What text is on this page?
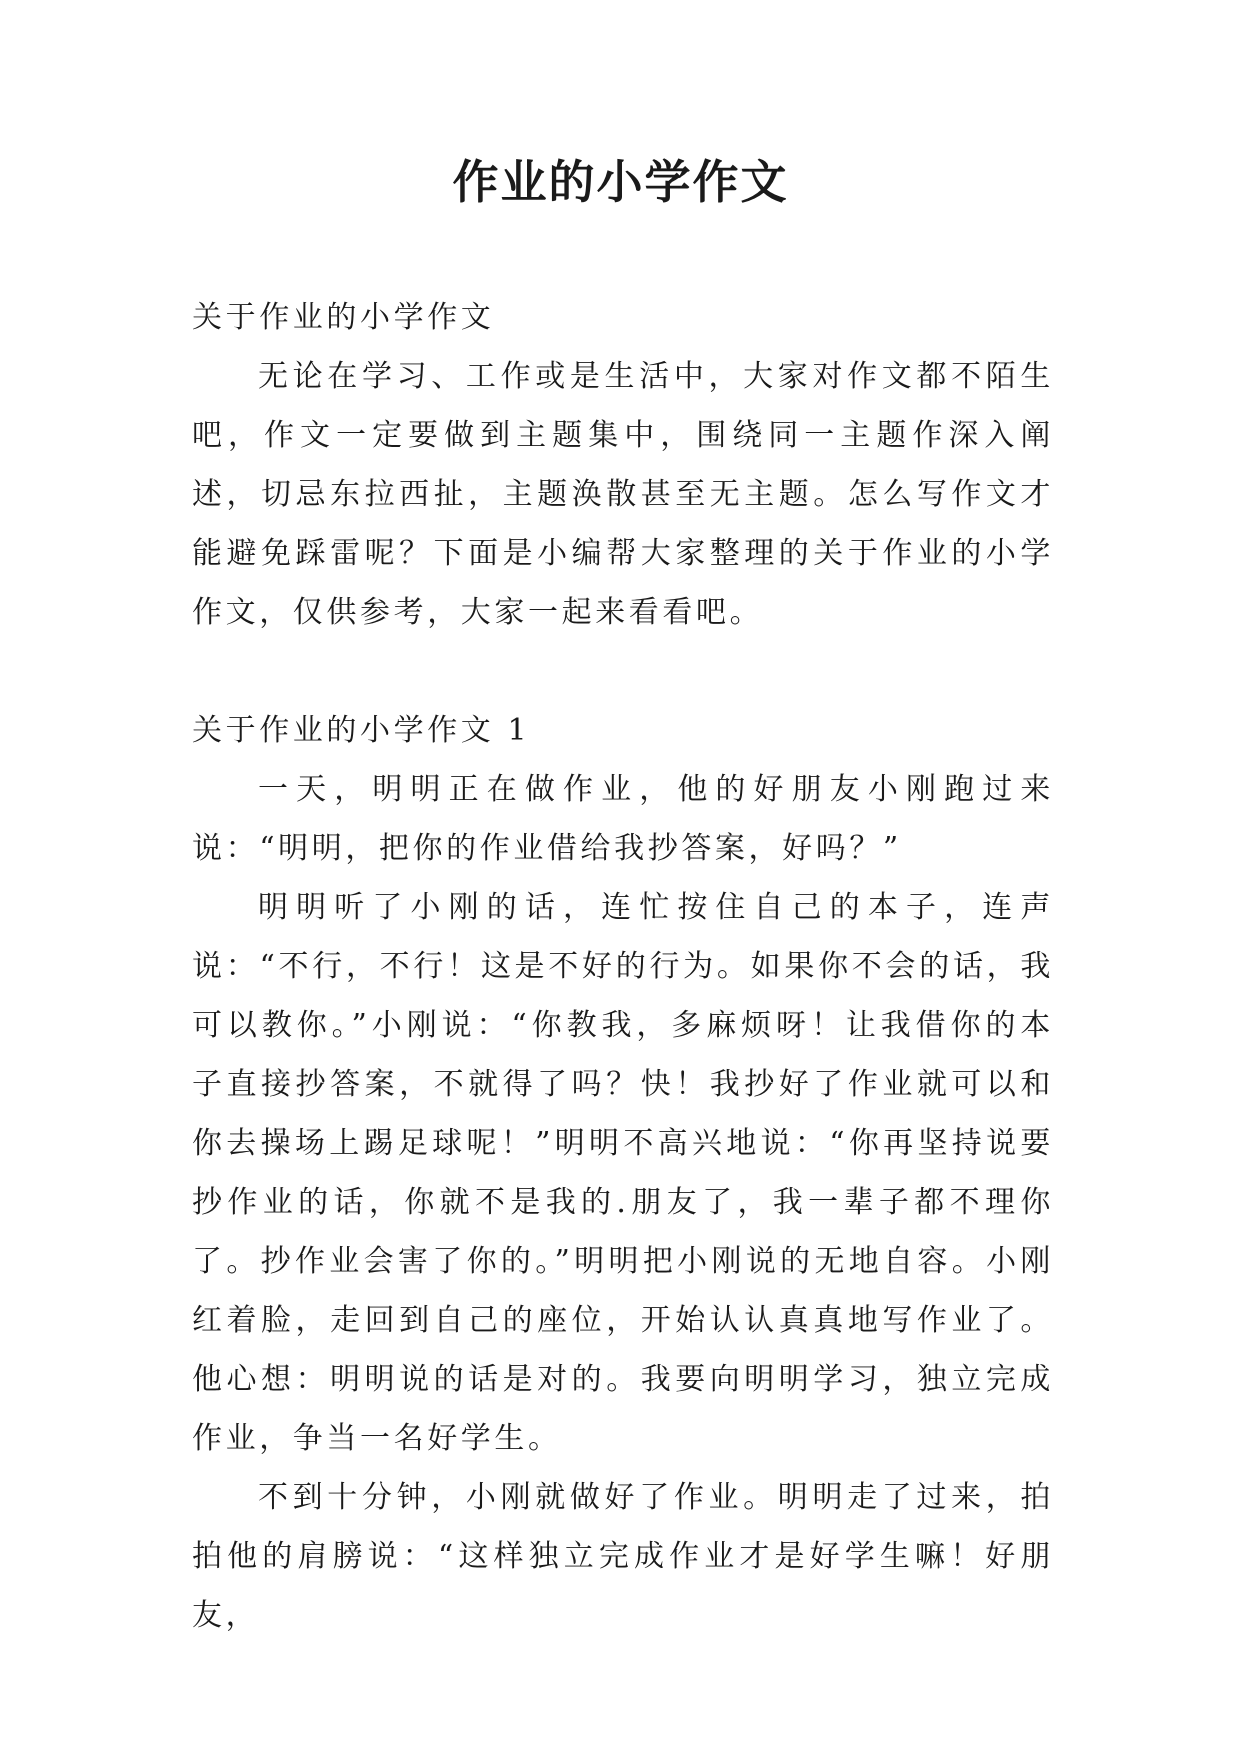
作业的小学作文

关于作业的小学作文

无论在学习、工作或是生活中，大家对作文都不陌生吧，作文一定要做到主题集中，围绕同一主题作深入阐述，切忌东拉西扯，主题涣散甚至无主题。怎么写作文才能避免踩雷呢？下面是小编帮大家整理的关于作业的小学作文，仅供参考，大家一起来看看吧。

关于作业的小学作文 1

一天，明明正在做作业，他的好朋友小刚跑过来说：“明明，把你的作业借给我抄答案，好吗？”

明明听了小刚的话，连忙按住自己的本子，连声说：“不行，不行！这是不好的行为。如果你不会的话，我可以教你。”小刚说：“你教我，多麻烦呀！让我借你的本子直接抄答案，不就得了吗？快！我抄好了作业就可以和你去操场上踢足球呢！”明明不高兴地说：“你再坚持说要抄作业的话，你就不是我的.朋友了，我一辈子都不理你了。抄作业会害了你的。”明明把小刚说的无地自容。小刚红着脸，走回到自己的座位，开始认认真真地写作业了。他心想：明明说的话是对的。我要向明明学习，独立完成作业，争当一名好学生。

不到十分钟，小刚就做好了作业。明明走了过来，拍拍他的肩膀说：“这样独立完成作业才是好学生嘛！好朋友，
